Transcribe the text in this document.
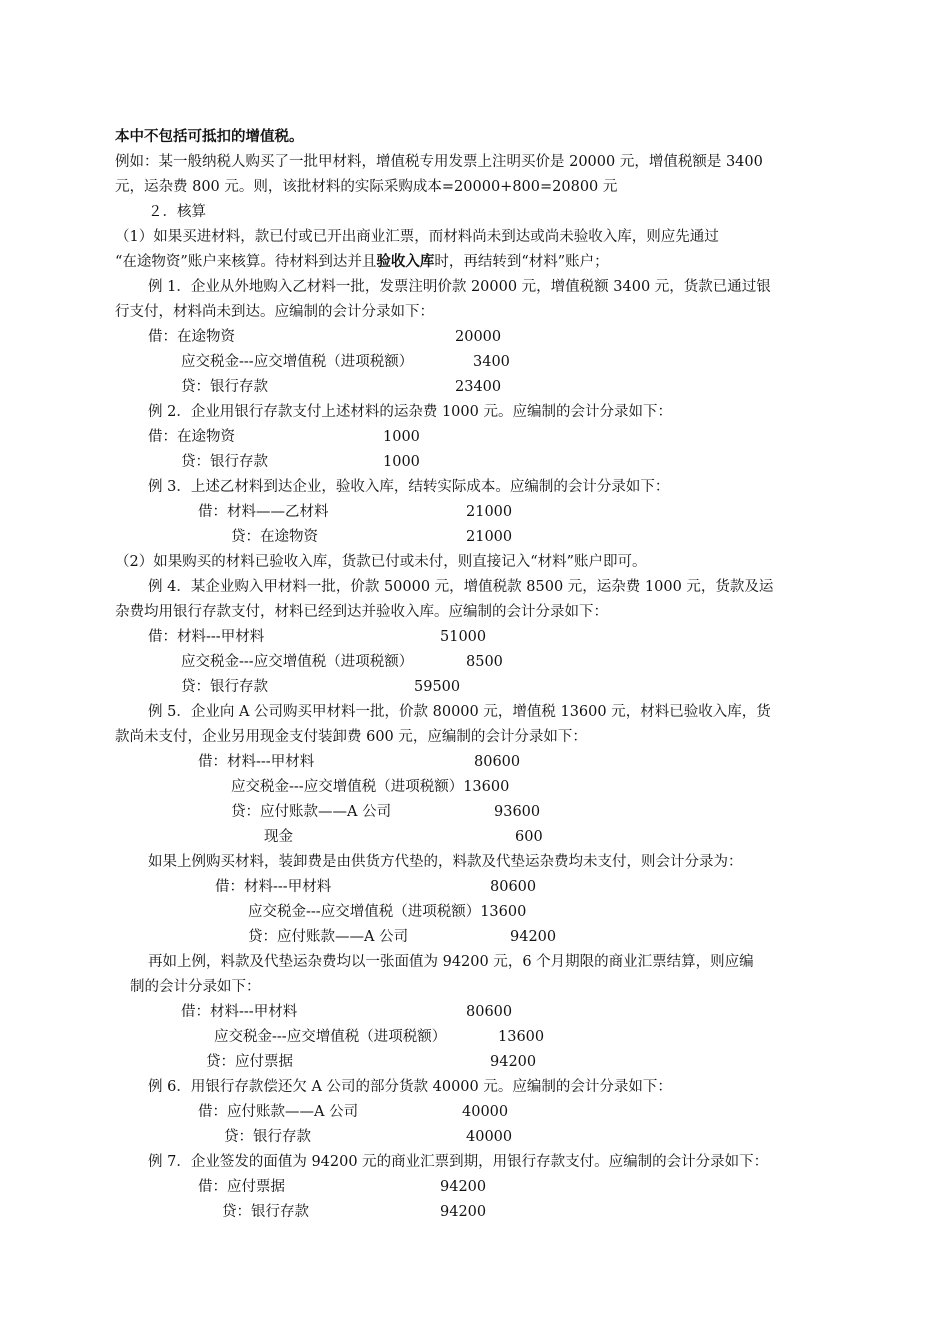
本中不包括可抵扣的增值税。
例如：某一般纳税人购买了一批甲材料，增值税专用发票上注明买价是 20000 元，增值税额是 3400
元，运杂费 800 元。则，该批材料的实际采购成本=20000+800=20800 元
２．核算
（1）如果买进材料，款已付或已开出商业汇票，而材料尚未到达或尚未验收入库，则应先通过
“在途物资”账户来核算。待材料到达并且验收入库时，再结转到“材料”账户；
例 1．企业从外地购入乙材料一批，发票注明价款 20000 元，增值税额 3400 元，货款已通过银
行支付，材料尚未到达。应编制的会计分录如下：
借：在途物资	20000
应交税金---应交增值税（进项税额）	3400
贷：银行存款	23400
例 2．企业用银行存款支付上述材料的运杂费 1000 元。应编制的会计分录如下：
借：在途物资	1000
贷：银行存款	1000
例 3．上述乙材料到达企业，验收入库，结转实际成本。应编制的会计分录如下：
借：材料——乙材料	21000
贷：在途物资	21000
（2）如果购买的材料已验收入库，货款已付或未付，则直接记入“材料”账户即可。
例 4．某企业购入甲材料一批，价款 50000 元，增值税款 8500 元，运杂费 1000 元，货款及运
杂费均用银行存款支付，材料已经到达并验收入库。应编制的会计分录如下：
借：材料---甲材料	51000
应交税金---应交增值税（进项税额）	8500
贷：银行存款	59500
例 5．企业向 A 公司购买甲材料一批，价款 80000 元，增值税 13600 元，材料已验收入库，货
款尚未支付，企业另用现金支付装卸费 600 元，应编制的会计分录如下：
借：材料---甲材料	80600
应交税金---应交增值税（进项税额）13600
贷：应付账款——A 公司	93600
现金	600
如果上例购买材料，装卸费是由供货方代垫的，料款及代垫运杂费均未支付，则会计分录为：
借：材料---甲材料	80600
应交税金---应交增值税（进项税额）13600
贷：应付账款——A 公司	94200
再如上例，料款及代垫运杂费均以一张面值为 94200 元，6 个月期限的商业汇票结算，则应编
制的会计分录如下：
借：材料---甲材料	80600
应交税金---应交增值税（进项税额）	13600
贷：应付票据	94200
例 6．用银行存款偿还欠 A 公司的部分货款 40000 元。应编制的会计分录如下：
借：应付账款——A 公司	40000
贷：银行存款	40000
例 7．企业签发的面值为 94200 元的商业汇票到期，用银行存款支付。应编制的会计分录如下：
借：应付票据	94200
贷：银行存款	94200
